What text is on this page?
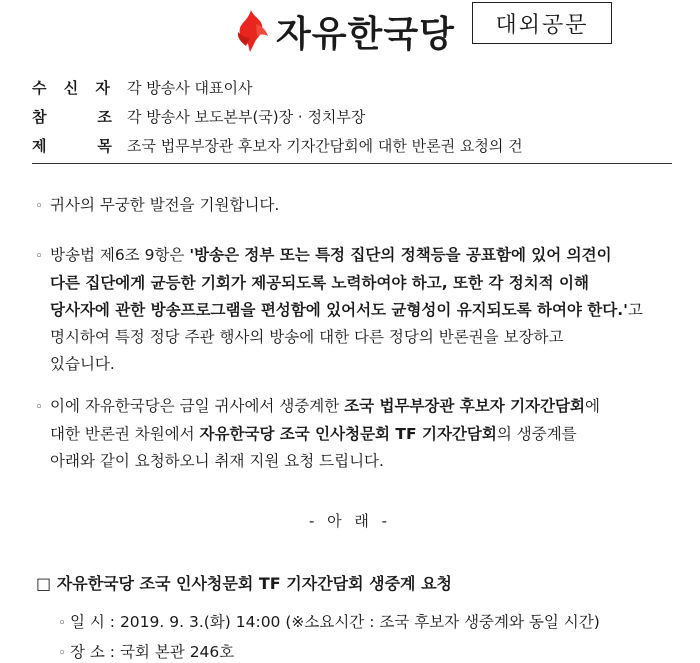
자유한국당 대외공문
수 신 자 각 방송사 대표이사
참    조 각 방송사 보도본부(국)장 · 정치부장
제    목 조국 법무부장관 후보자 기자간담회에 대한 반론권 요청의 건
◦ 귀사의 무궁한 발전을 기원합니다.
◦ 방송법 제6조 9항은 '방송은 정부 또는 특정 집단의 정책등을 공표함에 있어 의견이
다른 집단에게 균등한 기회가 제공되도록 노력하여야 하고, 또한 각 정치적 이해
당사자에 관한 방송프로그램을 편성함에 있어서도 균형성이 유지되도록 하여야 한다.'고
명시하여 특정 정당 주관 행사의 방송에 대한 다른 정당의 반론권을 보장하고
있습니다.
◦ 이에 자유한국당은 금일 귀사에서 생중계한 조국 법무부장관 후보자 기자간담회에
대한 반론권 차원에서 자유한국당 조국 인사청문회 TF 기자간담회의 생중계를
아래와 같이 요청하오니 취재 지원 요청 드립니다.
- 아 래 -
□ 자유한국당 조국 인사청문회 TF 기자간담회 생중계 요청
◦ 일 시 : 2019. 9. 3.(화) 14:00 (※소요시간 : 조국 후보자 생중계와 동일 시간)
◦ 장 소 : 국회 본관 246호
